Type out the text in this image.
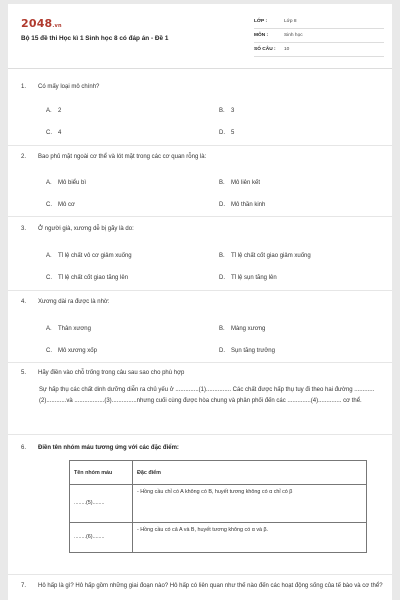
2048.vn
Bộ 15 đề thi Học kì 1 Sinh học 8 có đáp án - Đề 1
LỚP :	Lớp 8
MÔN :	Sinh học
SỐ CÂU :	10
1.	Có mấy loại mô chính?
A. 2	B. 3
C. 4	D. 5
2.	Bao phủ mặt ngoài cơ thể và lót mặt trong các cơ quan rỗng là:
A. Mô biểu bì	B. Mô liên kết
C. Mô cơ	D. Mô thần kinh
3.	Ở người già, xương dễ bị gãy là do:
A. Tỉ lệ chất vô cơ giảm xuống	B. Tỉ lệ chất cốt giao giảm xuống
C. Tỉ lệ chất cốt giao tăng lên	D. Tỉ lệ sụn tăng lên
4.	Xương dài ra được là nhờ:
A. Thân xương	B. Màng xương
C. Mô xương xốp	D. Sụn tăng trưởng
5.	Hãy điền vào chỗ trống trong câu sau sao cho phù hợp
Sự hấp thụ các chất dinh dưỡng diễn ra chủ yếu ở ..............(1)............... Các chất được hấp thụ tuy đi theo hai đường ............(2)............và ..................(3)...............nhưng cuối cùng được hòa chung và phân phối đến các ..............(4).............. cơ thể.
6.	Điền tên nhóm máu tương ứng với các đặc điểm:
Tên nhóm máu	Đặc điểm
........(5)........	- Hồng cầu chỉ có A không có B, huyết tương không có α chỉ có β
........(6)........	- Hồng cầu có cả A và B, huyết tương không có α và β.
7.	Hô hấp là gì? Hô hấp gồm những giai đoạn nào? Hô hấp có liên quan như thế nào đến các hoạt động sống của tế bào và cơ thể?
